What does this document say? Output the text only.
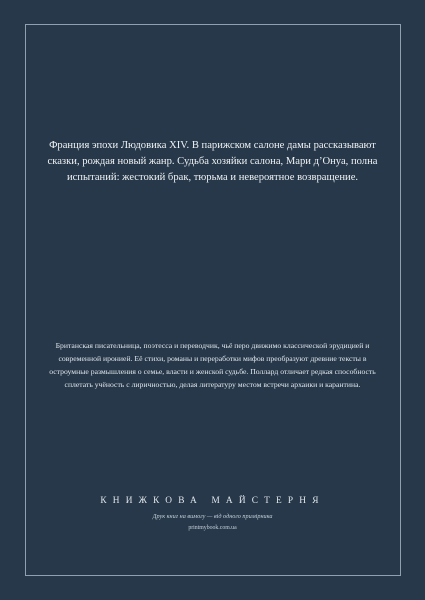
Франция эпохи Людовика XIV. В парижском салоне дамы рассказывают сказки, рождая новый жанр. Судьба хозяйки салона, Мари д’Онуа, полна испытаний: жестокий брак, тюрьма и невероятное возвращение.

Британская писательница, поэтесса и переводчик, чьё перо движимо классической эрудицией и современной иронией. Её стихи, романы и переработки мифов преобразуют древние тексты в остроумные размышления о семье, власти и женской судьбе. Поллард отличает редкая способность сплетать учёность с лиричностью, делая литературу местом встречи архаики и карантина.

КНИЖКОВА МАЙСТЕРНЯ
Друк книг на вимогу — від одного примірника
printmybook.com.ua
